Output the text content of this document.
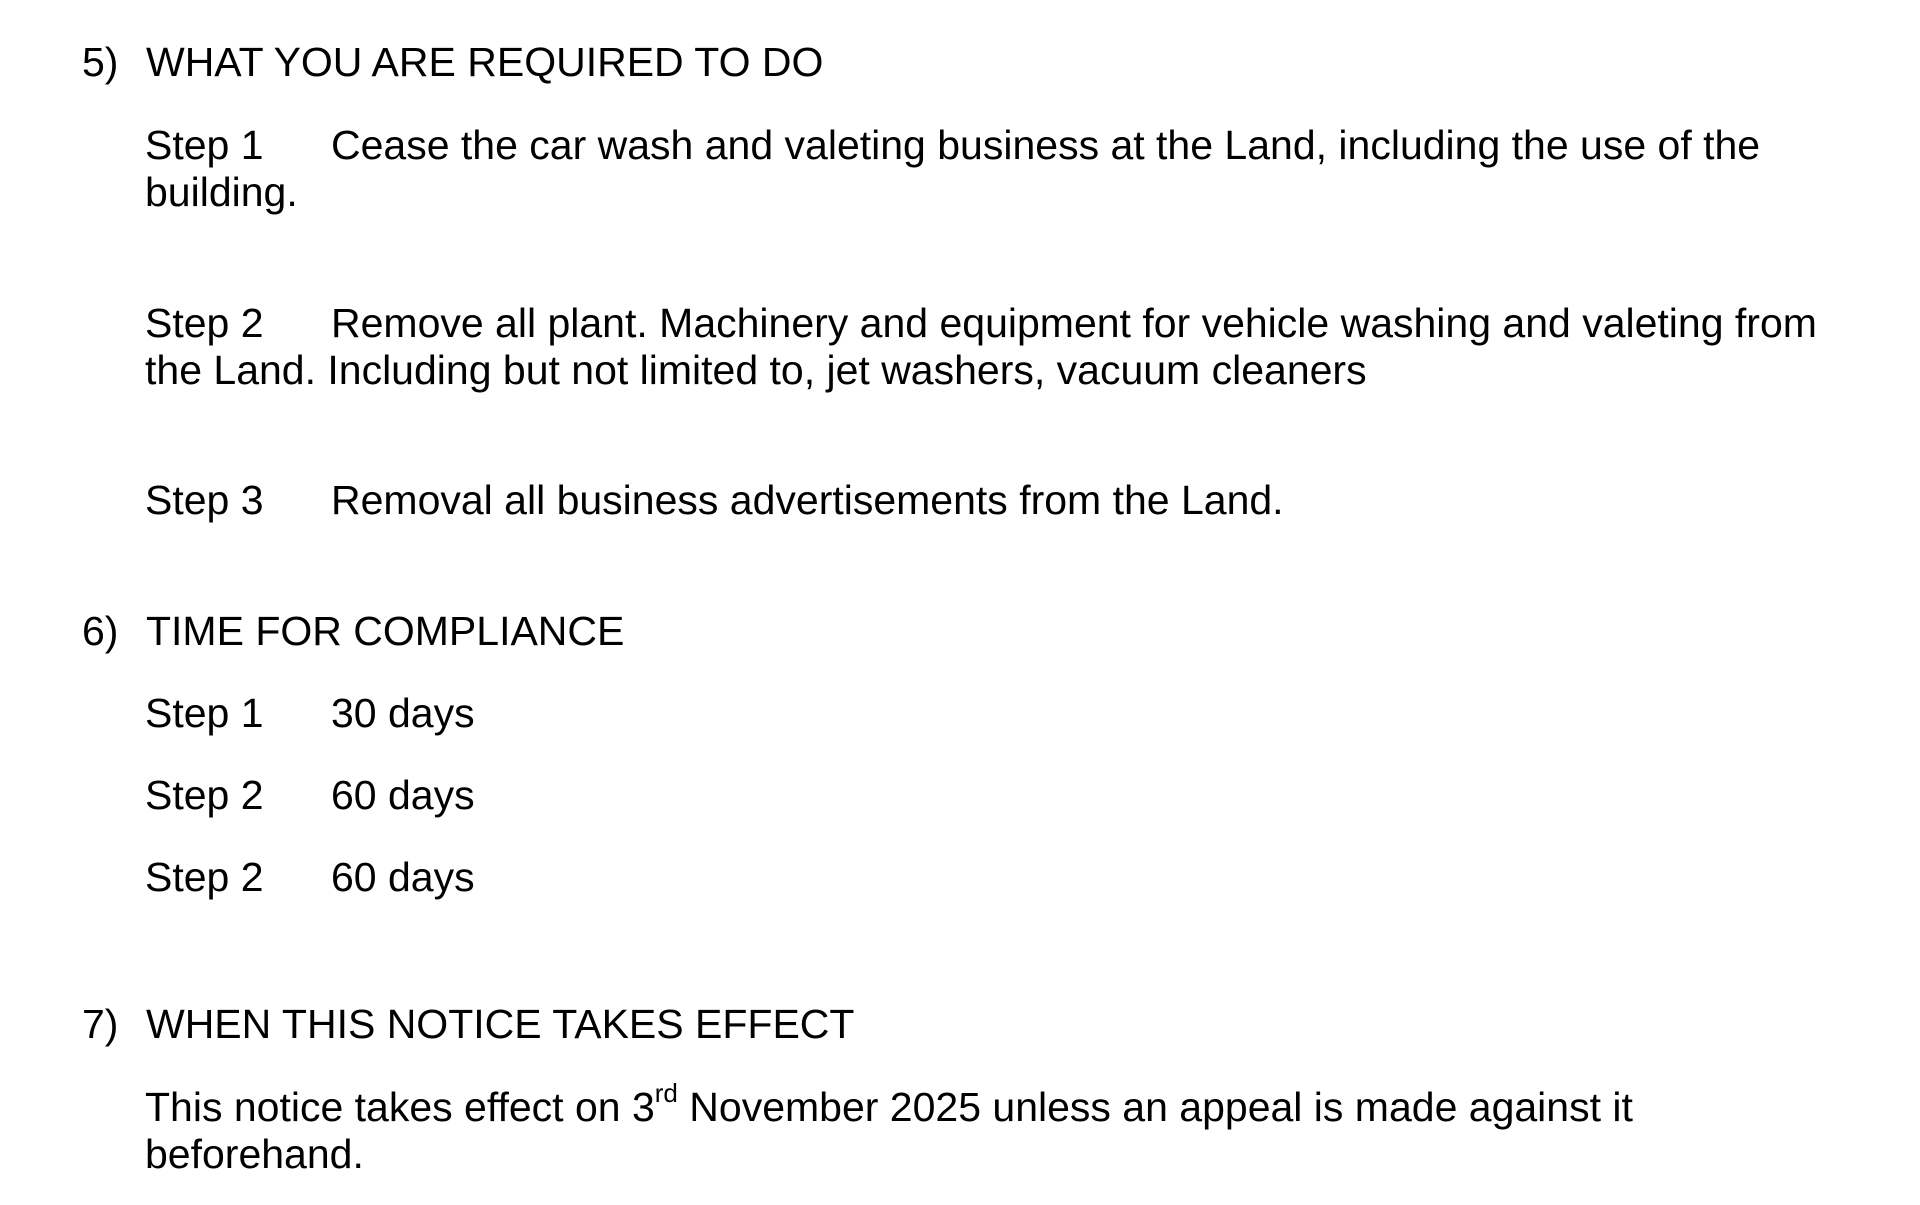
5) WHAT YOU ARE REQUIRED TO DO
Step 1 Cease the car wash and valeting business at the Land, including the use of the building.
Step 2 Remove all plant. Machinery and equipment for vehicle washing and valeting from the Land. Including but not limited to, jet washers, vacuum cleaners
Step 3 Removal all business advertisements from the Land.
6) TIME FOR COMPLIANCE
Step 1 30 days
Step 2 60 days
Step 2 60 days
7) WHEN THIS NOTICE TAKES EFFECT
This notice takes effect on 3rd November 2025 unless an appeal is made against it beforehand.
